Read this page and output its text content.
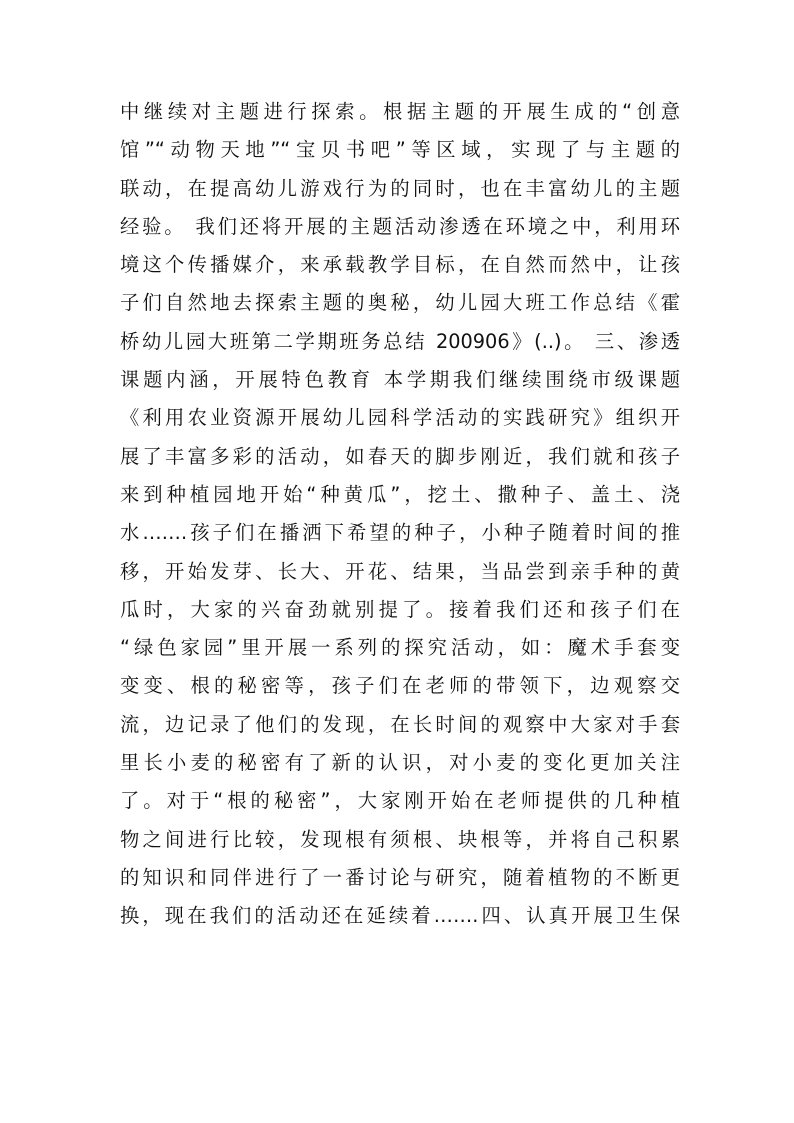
中继续对主题进行探索。根据主题的开展生成的“创意
馆”“动物天地”“宝贝书吧”等区域，实现了与主题的
联动，在提高幼儿游戏行为的同时，也在丰富幼儿的主题
经验。 我们还将开展的主题活动渗透在环境之中，利用环
境这个传播媒介，来承载教学目标，在自然而然中，让孩
子们自然地去探索主题的奥秘，幼儿园大班工作总结《霍
桥幼儿园大班第二学期班务总结 200906》(..)。 三、渗透
课题内涵，开展特色教育 本学期我们继续围绕市级课题
《利用农业资源开展幼儿园科学活动的实践研究》组织开
展了丰富多彩的活动，如春天的脚步刚近，我们就和孩子
来到种植园地开始“种黄瓜”，挖土、撒种子、盖土、浇
水…….孩子们在播洒下希望的种子，小种子随着时间的推
移，开始发芽、长大、开花、结果，当品尝到亲手种的黄
瓜时，大家的兴奋劲就别提了。接着我们还和孩子们在
“绿色家园”里开展一系列的探究活动，如：魔术手套变
变变、根的秘密等，孩子们在老师的带领下，边观察交
流，边记录了他们的发现，在长时间的观察中大家对手套
里长小麦的秘密有了新的认识，对小麦的变化更加关注
了。对于“根的秘密”，大家刚开始在老师提供的几种植
物之间进行比较，发现根有须根、块根等，并将自己积累
的知识和同伴进行了一番讨论与研究，随着植物的不断更
换，现在我们的活动还在延续着…….四、认真开展卫生保
